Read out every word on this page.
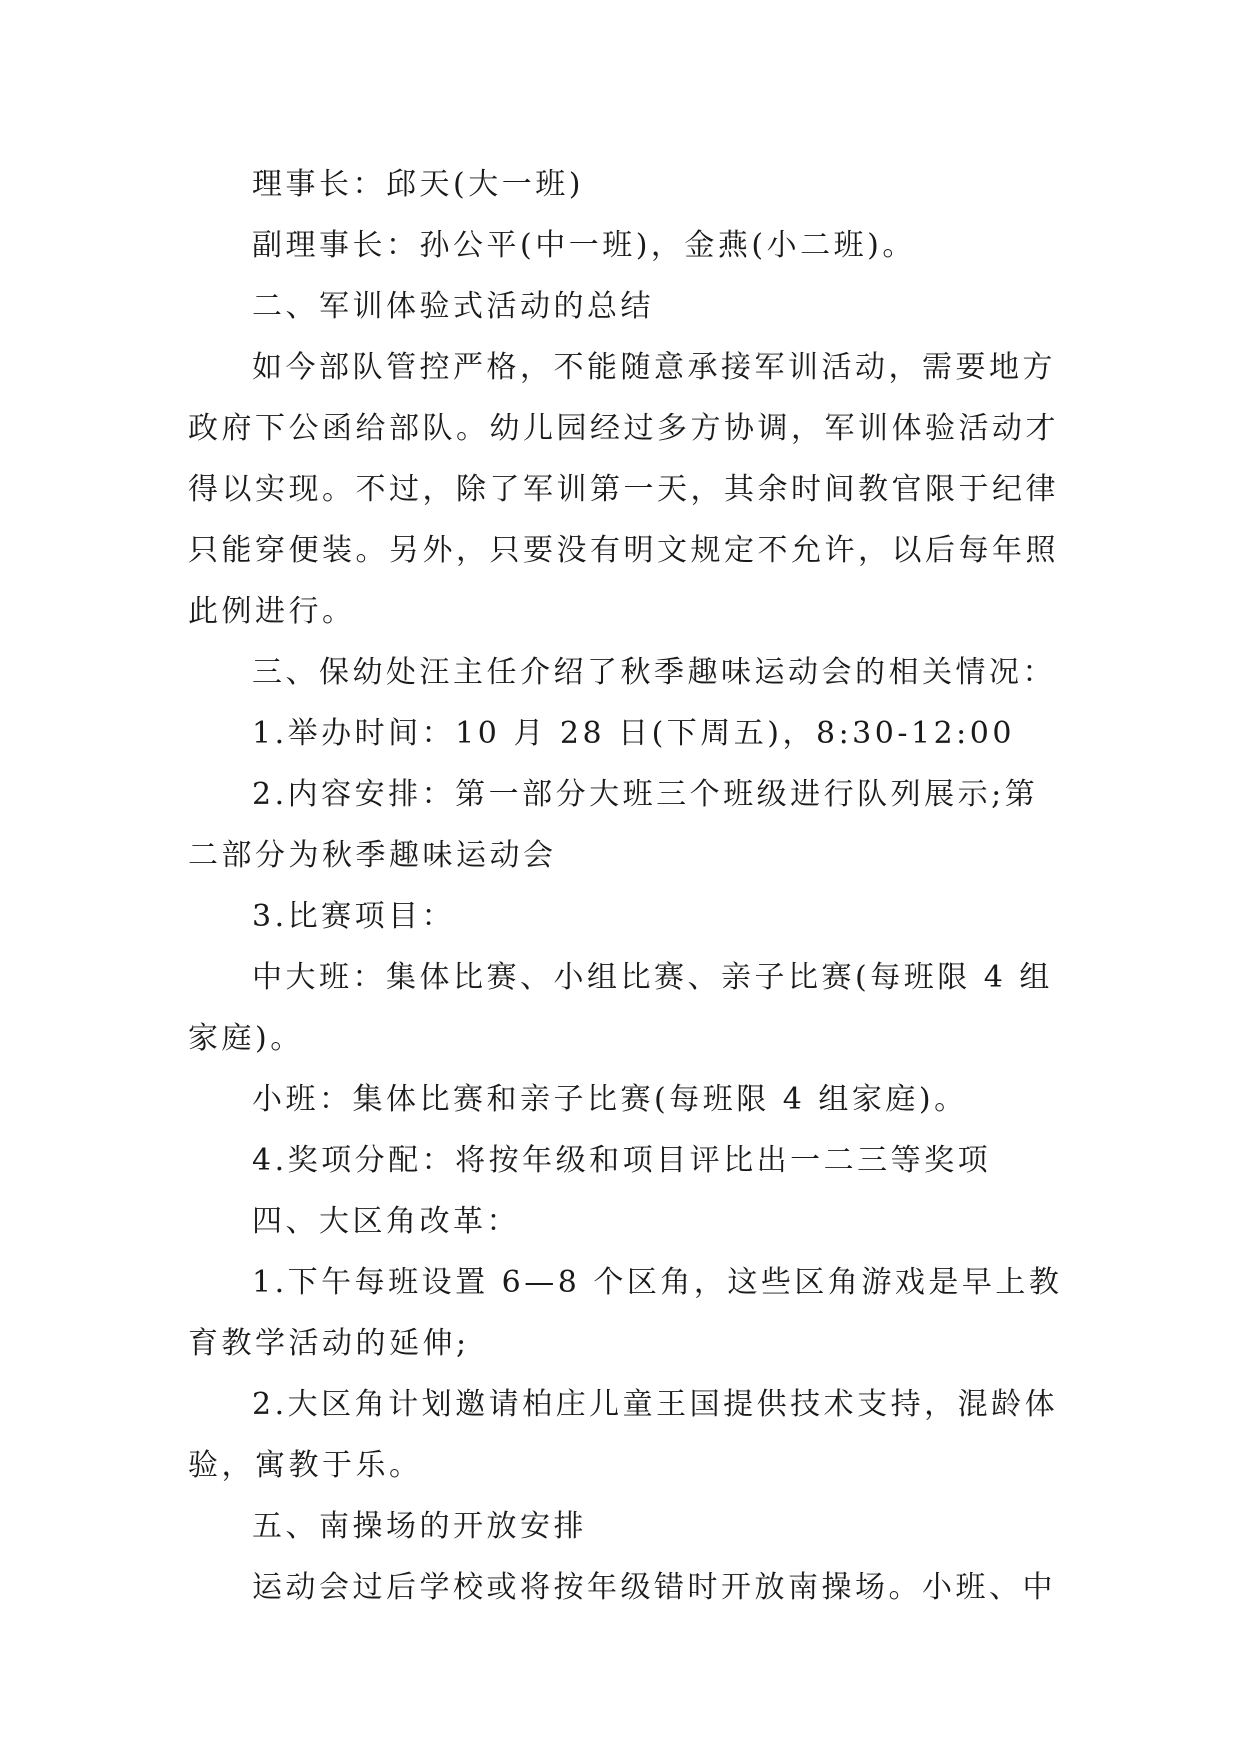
理事长：邱天(大一班)
副理事长：孙公平(中一班)，金燕(小二班)。
二、军训体验式活动的总结
如今部队管控严格，不能随意承接军训活动，需要地方
政府下公函给部队。幼儿园经过多方协调，军训体验活动才
得以实现。不过，除了军训第一天，其余时间教官限于纪律
只能穿便装。另外，只要没有明文规定不允许，以后每年照
此例进行。
三、保幼处汪主任介绍了秋季趣味运动会的相关情况：
1.举办时间：10 月 28 日(下周五)，8:30-12:00
2.内容安排：第一部分大班三个班级进行队列展示;第
二部分为秋季趣味运动会
3.比赛项目：
中大班：集体比赛、小组比赛、亲子比赛(每班限 4 组
家庭)。
小班：集体比赛和亲子比赛(每班限 4 组家庭)。
4.奖项分配：将按年级和项目评比出一二三等奖项
四、大区角改革：
1.下午每班设置 6—8 个区角，这些区角游戏是早上教
育教学活动的延伸;
2.大区角计划邀请柏庄儿童王国提供技术支持，混龄体
验，寓教于乐。
五、南操场的开放安排
运动会过后学校或将按年级错时开放南操场。小班、中
